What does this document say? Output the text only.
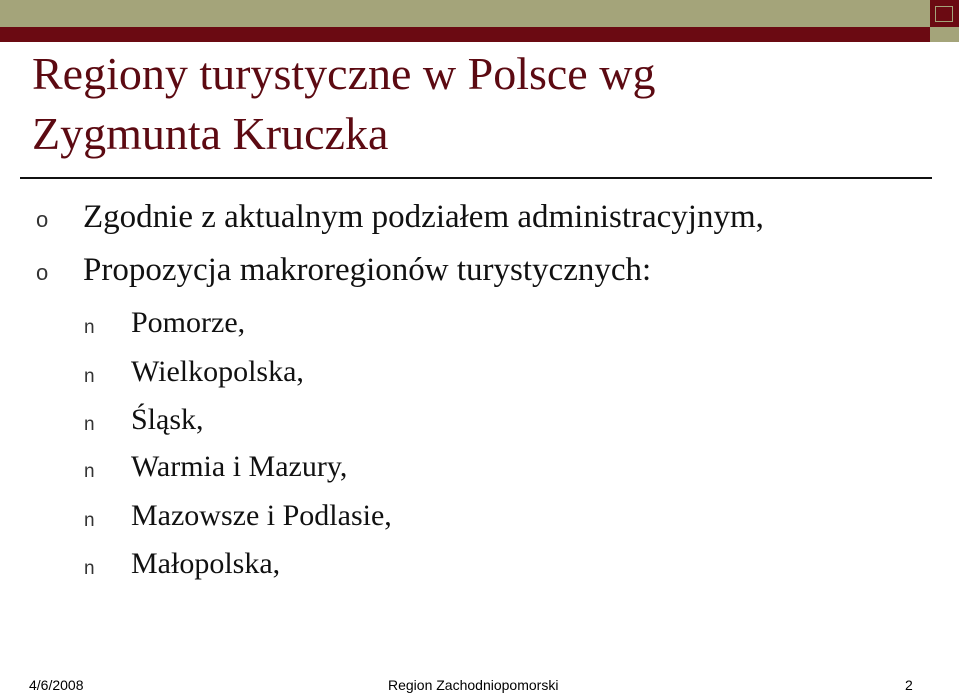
Regiony turystyczne w Polsce wg
Zygmunta Kruczka
o Zgodnie z aktualnym podziałem administracyjnym,
o Propozycja makroregionów turystycznych:
n Pomorze,
n Wielkopolska,
n Śląsk,
n Warmia i Mazury,
n Mazowsze i Podlasie,
n Małopolska,
4/6/2008	Region Zachodniopomorski	2
